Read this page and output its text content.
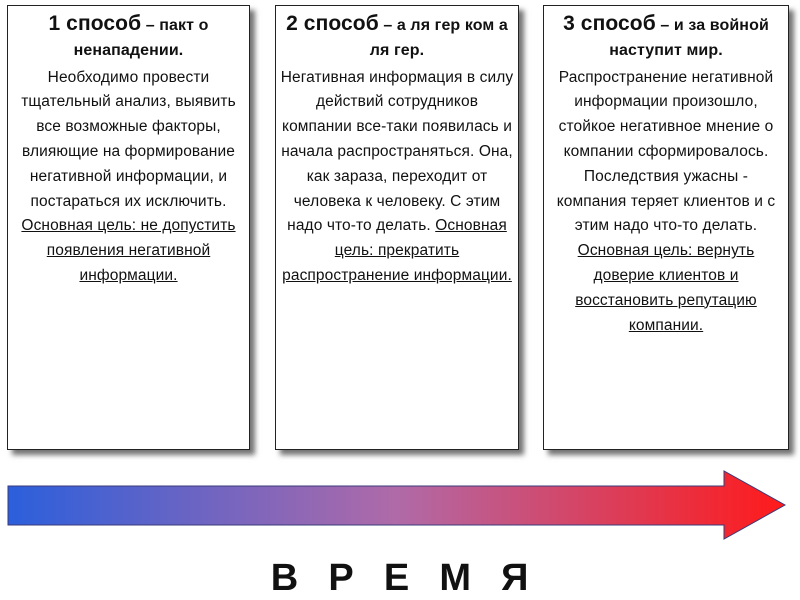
1 способ – пакт о ненападении.
Необходимо провести тщательный анализ, выявить все возможные факторы, влияющие на формирование негативной информации, и постараться их исключить. Основная цель: не допустить появления негативной информации.
2 способ – а ля гер ком а ля гер.
Негативная информация в силу действий сотрудников компании все-таки появилась и начала распространяться. Она, как зараза, переходит от человека к человеку. С этим надо что-то делать. Основная цель: прекратить распространение информации.
3 способ – и за войной наступит мир.
Распространение негативной информации произошло, стойкое негативное мнение о компании сформировалось. Последствия ужасны - компания теряет клиентов и с этим надо что-то делать. Основная цель: вернуть доверие клиентов и восстановить репутацию компании.
В Р Е М Я
